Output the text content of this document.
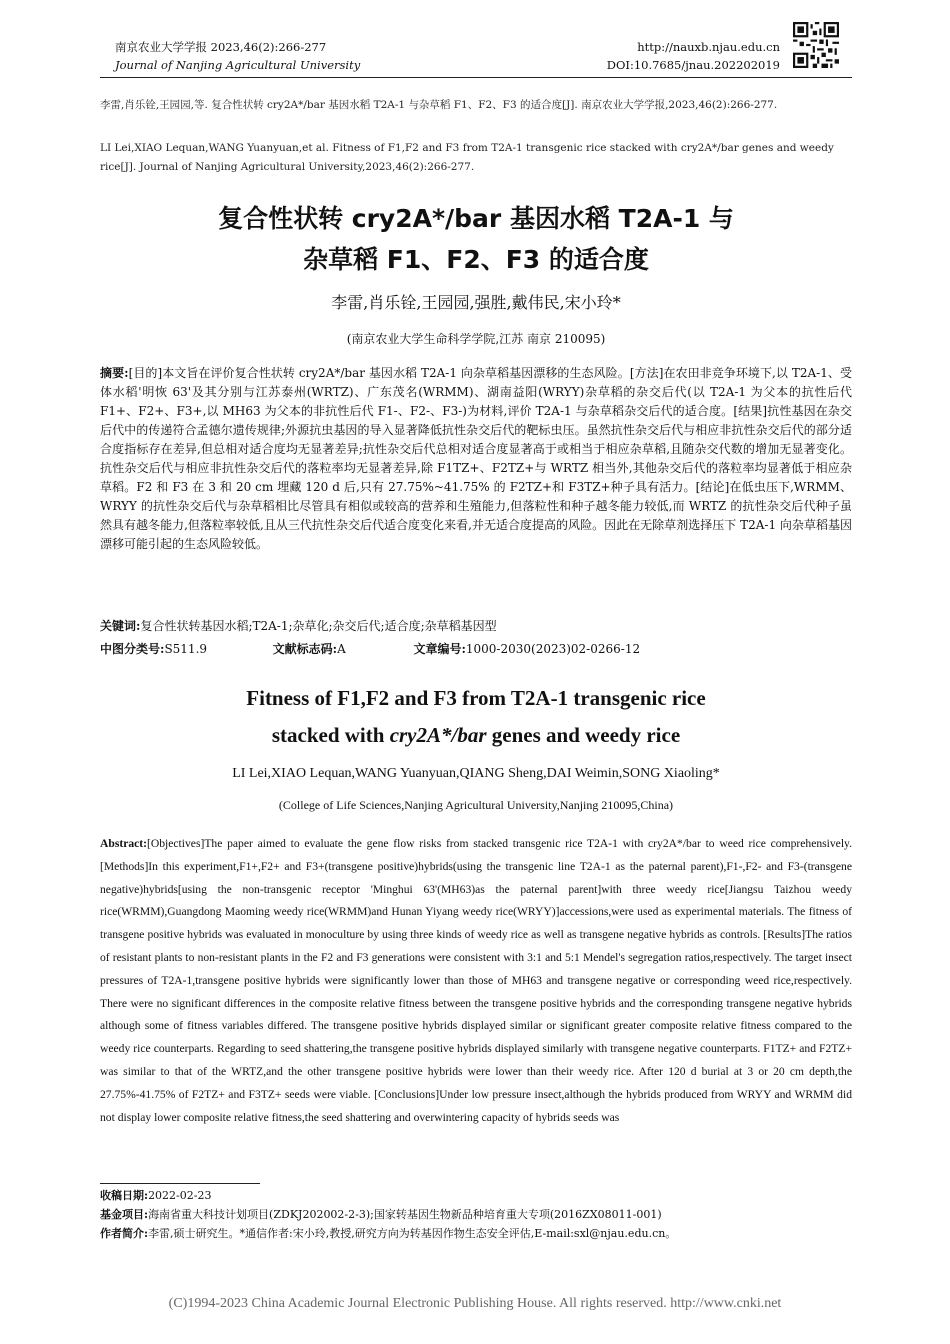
南京农业大学学报 2023,46(2):266-277
Journal of Nanjing Agricultural University
http://nauxb.njau.edu.cn
DOI:10.7685/jnau.202202019
李雷,肖乐铨,王园园,等. 复合性状转 cry2A*/bar 基因水稻 T2A-1 与杂草稻 F1、F2、F3 的适合度[J]. 南京农业大学学报,2023,46(2):266-277.
LI Lei,XIAO Lequan,WANG Yuanyuan,et al. Fitness of F1,F2 and F3 from T2A-1 transgenic rice stacked with cry2A*/bar genes and weedy rice[J]. Journal of Nanjing Agricultural University,2023,46(2):266-277.
复合性状转 cry2A*/bar 基因水稻 T2A-1 与
杂草稻 F1、F2、F3 的适合度
李雷,肖乐铨,王园园,强胜,戴伟民,宋小玲*
(南京农业大学生命科学学院,江苏 南京 210095)
摘要:[目的]本文旨在评价复合性状转 cry2A*/bar 基因水稻 T2A-1 向杂草稻基因漂移的生态风险。[方法]在农田非竞争环境下,以 T2A-1、受体水稻'明恢 63'及其分别与江苏泰州(WRTZ)、广东茂名(WRMM)、湖南益阳(WRYY)杂草稻的杂交后代(以 T2A-1 为父本的抗性后代 F1+、F2+、F3+,以 MH63 为父本的非抗性后代 F1-、F2-、F3-)为材料,评价 T2A-1 与杂草稻杂交后代的适合度。[结果]抗性基因在杂交后代中的传递符合孟德尔遗传规律;外源抗虫基因的导入显著降低抗性杂交后代的靶标虫压。虽然抗性杂交后代与相应非抗性杂交后代的部分适合度指标存在差异,但总相对适合度均无显著差异;抗性杂交后代总相对适合度显著高于或相当于相应杂草稻,且随杂交代数的增加无显著变化。抗性杂交后代与相应非抗性杂交后代的落粒率均无显著差异,除 F1TZ+、F2TZ+与 WRTZ 相当外,其他杂交后代的落粒率均显著低于相应杂草稻。F2 和 F3 在 3 和 20 cm 埋藏 120 d 后,只有 27.75%~41.75% 的 F2TZ+和 F3TZ+种子具有活力。[结论]在低虫压下,WRMM、WRYY 的抗性杂交后代与杂草稻相比尽管具有相似或较高的营养和生殖能力,但落粒性和种子越冬能力较低,而 WRTZ 的抗性杂交后代种子虽然具有越冬能力,但落粒率较低,且从三代抗性杂交后代适合度变化来看,并无适合度提高的风险。因此在无除草剂选择压下 T2A-1 向杂草稻基因漂移可能引起的生态风险较低。
关键词:复合性状转基因水稻;T2A-1;杂草化;杂交后代;适合度;杂草稻基因型
中图分类号:S511.9	文献标志码:A	文章编号:1000-2030(2023)02-0266-12
Fitness of F1,F2 and F3 from T2A-1 transgenic rice
stacked with cry2A*/bar genes and weedy rice
LI Lei,XIAO Lequan,WANG Yuanyuan,QIANG Sheng,DAI Weimin,SONG Xiaoling*
(College of Life Sciences,Nanjing Agricultural University,Nanjing 210095,China)
Abstract:[Objectives]The paper aimed to evaluate the gene flow risks from stacked transgenic rice T2A-1 with cry2A*/bar to weed rice comprehensively. [Methods]In this experiment,F1+,F2+ and F3+(transgene positive)hybrids(using the transgenic line T2A-1 as the paternal parent),F1-,F2- and F3-(transgene negative)hybrids[using the non-transgenic receptor 'Minghui 63'(MH63)as the paternal parent]with three weedy rice[Jiangsu Taizhou weedy rice(WRMM),Guangdong Maoming weedy rice(WRMM)and Hunan Yiyang weedy rice(WRYY)]accessions,were used as experimental materials. The fitness of transgene positive hybrids was evaluated in monoculture by using three kinds of weedy rice as well as transgene negative hybrids as controls. [Results]The ratios of resistant plants to non-resistant plants in the F2 and F3 generations were consistent with 3:1 and 5:1 Mendel's segregation ratios,respectively. The target insect pressures of T2A-1,transgene positive hybrids were significantly lower than those of MH63 and transgene negative or corresponding weed rice,respectively. There were no significant differences in the composite relative fitness between the transgene positive hybrids and the corresponding transgene negative hybrids although some of fitness variables differed. The transgene positive hybrids displayed similar or significant greater composite relative fitness compared to the weedy rice counterparts. Regarding to seed shattering,the transgene positive hybrids displayed similarly with transgene negative counterparts. F1TZ+ and F2TZ+ was similar to that of the WRTZ,and the other transgene positive hybrids were lower than their weedy rice. After 120 d burial at 3 or 20 cm depth,the 27.75%-41.75% of F2TZ+ and F3TZ+ seeds were viable. [Conclusions]Under low pressure insect,although the hybrids produced from WRYY and WRMM did not display lower composite relative fitness,the seed shattering and overwintering capacity of hybrids seeds was
收稿日期:2022-02-23
基金项目:海南省重大科技计划项目(ZDKJ202002-2-3);国家转基因生物新品种培育重大专项(2016ZX08011-001)
作者简介:李雷,硕士研究生。*通信作者:宋小玲,教授,研究方向为转基因作物生态安全评估,E-mail:sxl@njau.edu.cn。
(C)1994-2023 China Academic Journal Electronic Publishing House. All rights reserved. http://www.cnki.net
